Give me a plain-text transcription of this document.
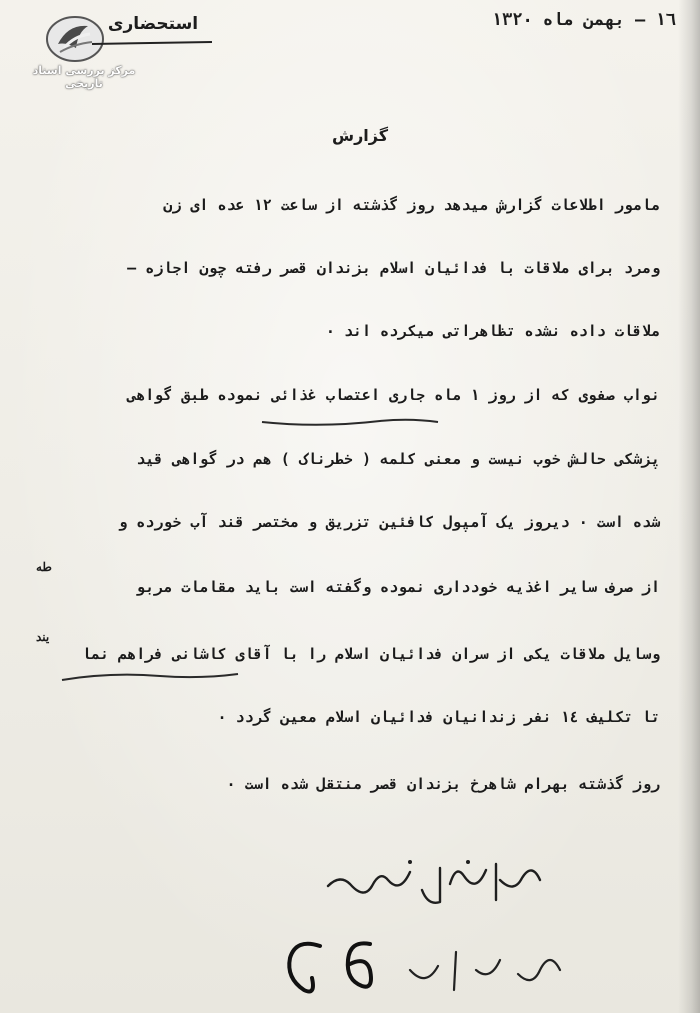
مرکز بررسی اسناد تاریخی
استحضاری	١٦ – بهمن ماه ١٣٢٠
گزارش
مامور اطلاعات گزارش میدهد روز گذشته از ساعت ١٢ عده ای زن
ومرد برای ملاقات با فدائیان اسلام بزندان قصر رفته چون اجازه –
ملاقات داده نشده تظاهراتی میکرده اند ٠
نواب صفوی که از روز ١ ماه جاری اعتصاب غذائی نموده طبق گواهی
پزشکی حالش خوب نیست و معنی کلمه ( خطرناک ) هم در گواهی قید
شده است ٠ دیروز یک آمپول کافئین تزریق و مختصر قند آب خورده و
از صرف سایر اغذیه خودداری نموده وگفته است باید مقامات مربو
وسایل ملاقات یکی از سران فدائیان اسلام را با آقای کاشانی فراهم نما
تا تکلیف ١٤ نفر زندانیان فدائیان اسلام معین گردد ٠
روز گذشته بهرام شاهرخ بزندان قصر منتقل شده است ٠
طه
یند
فدائیان اسلام
دی ماه ٥٩
